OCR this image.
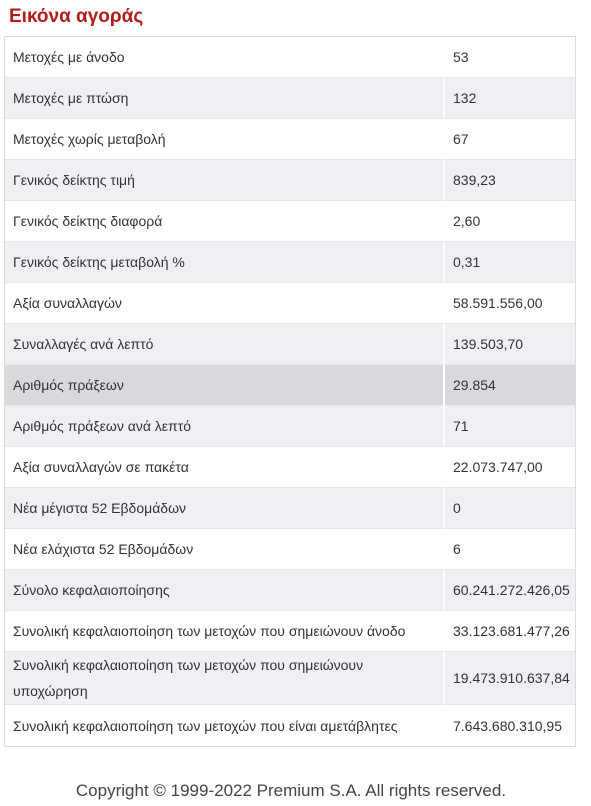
Εικόνα αγοράς
Μετοχές με άνοδο	53
Μετοχές με πτώση	132
Μετοχές χωρίς μεταβολή	67
Γενικός δείκτης τιμή	839,23
Γενικός δείκτης διαφορά	2,60
Γενικός δείκτης μεταβολή %	0,31
Αξία συναλλαγών	58.591.556,00
Συναλλαγές ανά λεπτό	139.503,70
Αριθμός πράξεων	29.854
Αριθμός πράξεων ανά λεπτό	71
Αξία συναλλαγών σε πακέτα	22.073.747,00
Νέα μέγιστα 52 Εβδομάδων	0
Νέα ελάχιστα 52 Εβδομάδων	6
Σύνολο κεφαλαιοποίησης	60.241.272.426,05
Συνολική κεφαλαιοποίηση των μετοχών που σημειώνουν άνοδο	33.123.681.477,26
Συνολική κεφαλαιοποίηση των μετοχών που σημειώνουν υποχώρηση	19.473.910.637,84
Συνολική κεφαλαιοποίηση των μετοχών που είναι αμετάβλητες	7.643.680.310,95
Copyright © 1999-2022 Premium S.A. All rights reserved.
